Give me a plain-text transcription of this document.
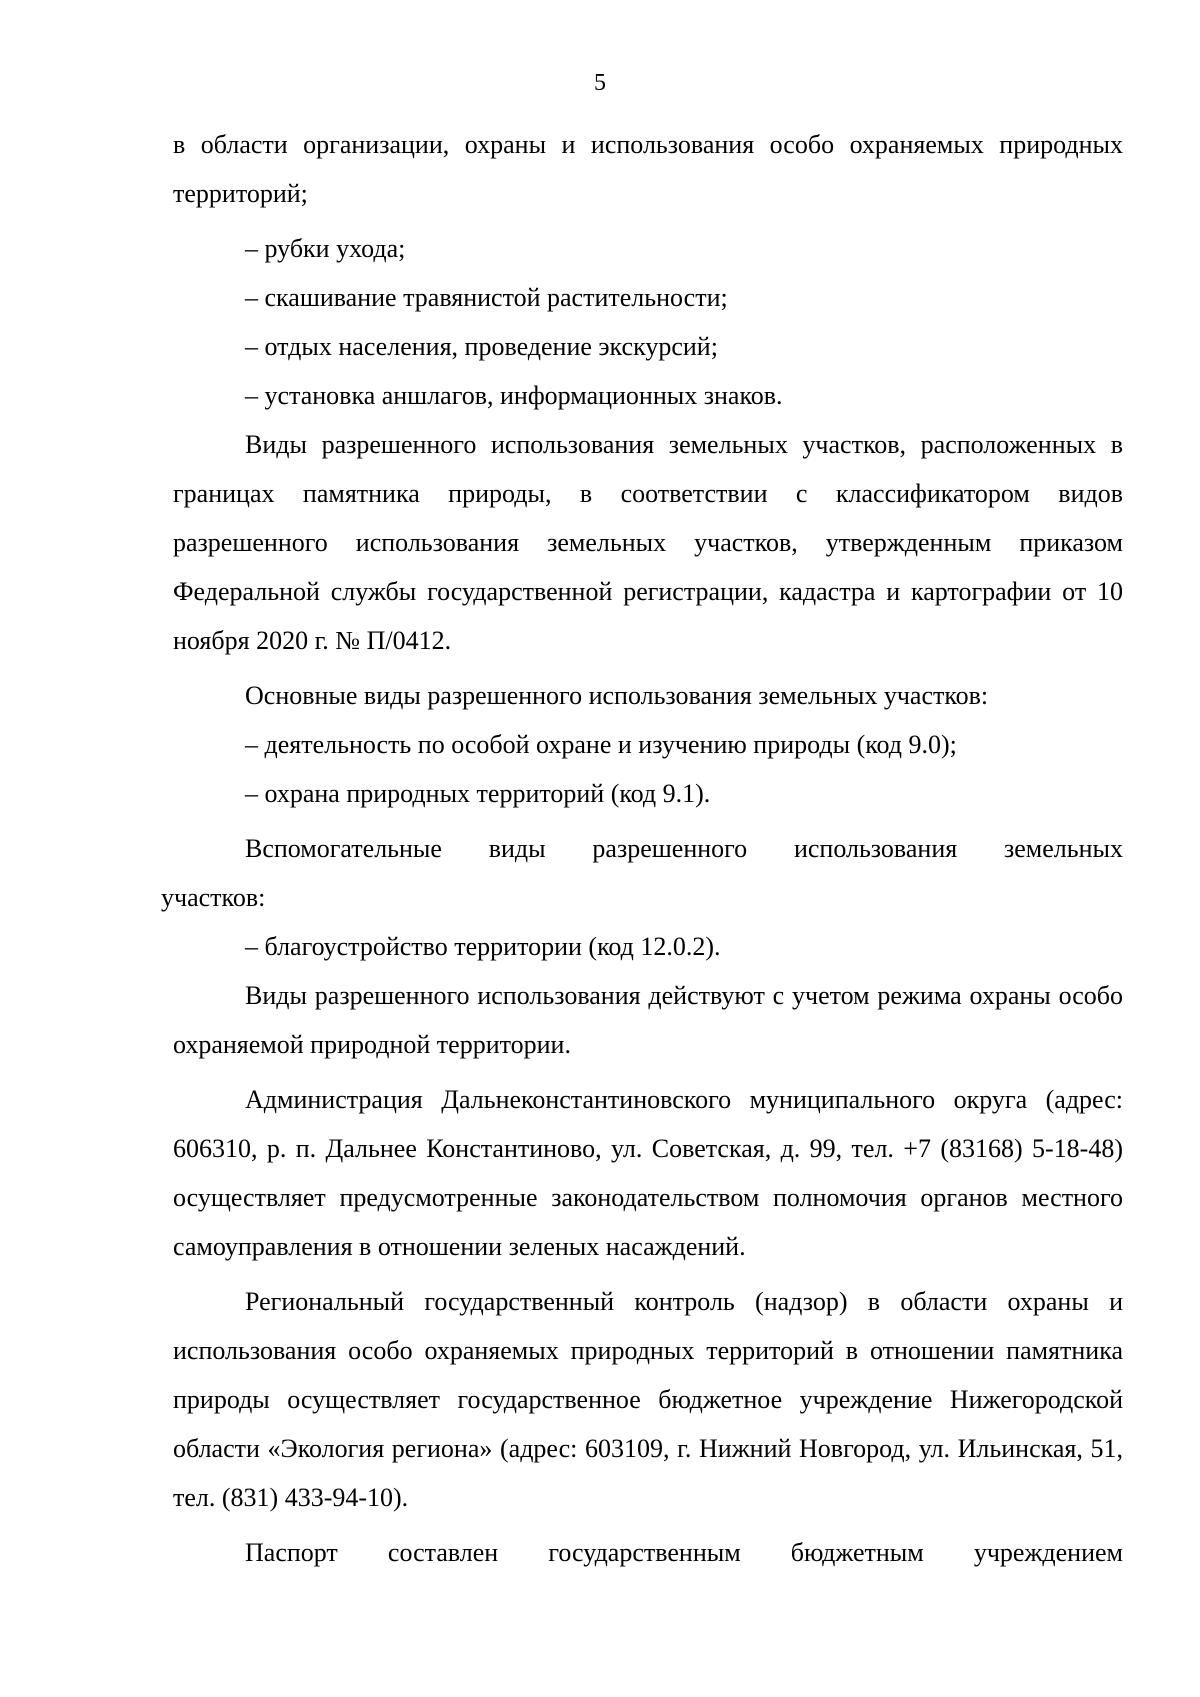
5

в области организации, охраны и использования особо охраняемых природных территорий;

– рубки ухода;

– скашивание травянистой растительности;

– отдых населения, проведение экскурсий;

– установка аншлагов, информационных знаков.

Виды разрешенного использования земельных участков, расположенных в границах памятника природы, в соответствии с классификатором видов разрешенного использования земельных участков, утвержденным приказом Федеральной службы государственной регистрации, кадастра и картографии от 10 ноября 2020 г. № П/0412.

Основные виды разрешенного использования земельных участков:

– деятельность по особой охране и изучению природы (код 9.0);

– охрана природных территорий (код 9.1).

Вспомогательные виды разрешенного использования земельных

участков:

– благоустройство территории (код 12.0.2).

Виды разрешенного использования действуют с учетом режима охраны особо охраняемой природной территории.

Администрация Дальнеконстантиновского муниципального округа (адрес: 606310, р. п. Дальнее Константиново, ул. Советская, д. 99, тел. +7 (83168) 5-18-48) осуществляет предусмотренные законодательством полномочия органов местного самоуправления в отношении зеленых насаждений.

Региональный государственный контроль (надзор) в области охраны и использования особо охраняемых природных территорий в отношении памятника природы осуществляет государственное бюджетное учреждение Нижегородской области «Экология региона» (адрес: 603109, г. Нижний Новгород, ул. Ильинская, 51, тел. (831) 433-94-10).

Паспорт составлен государственным бюджетным учреждением
